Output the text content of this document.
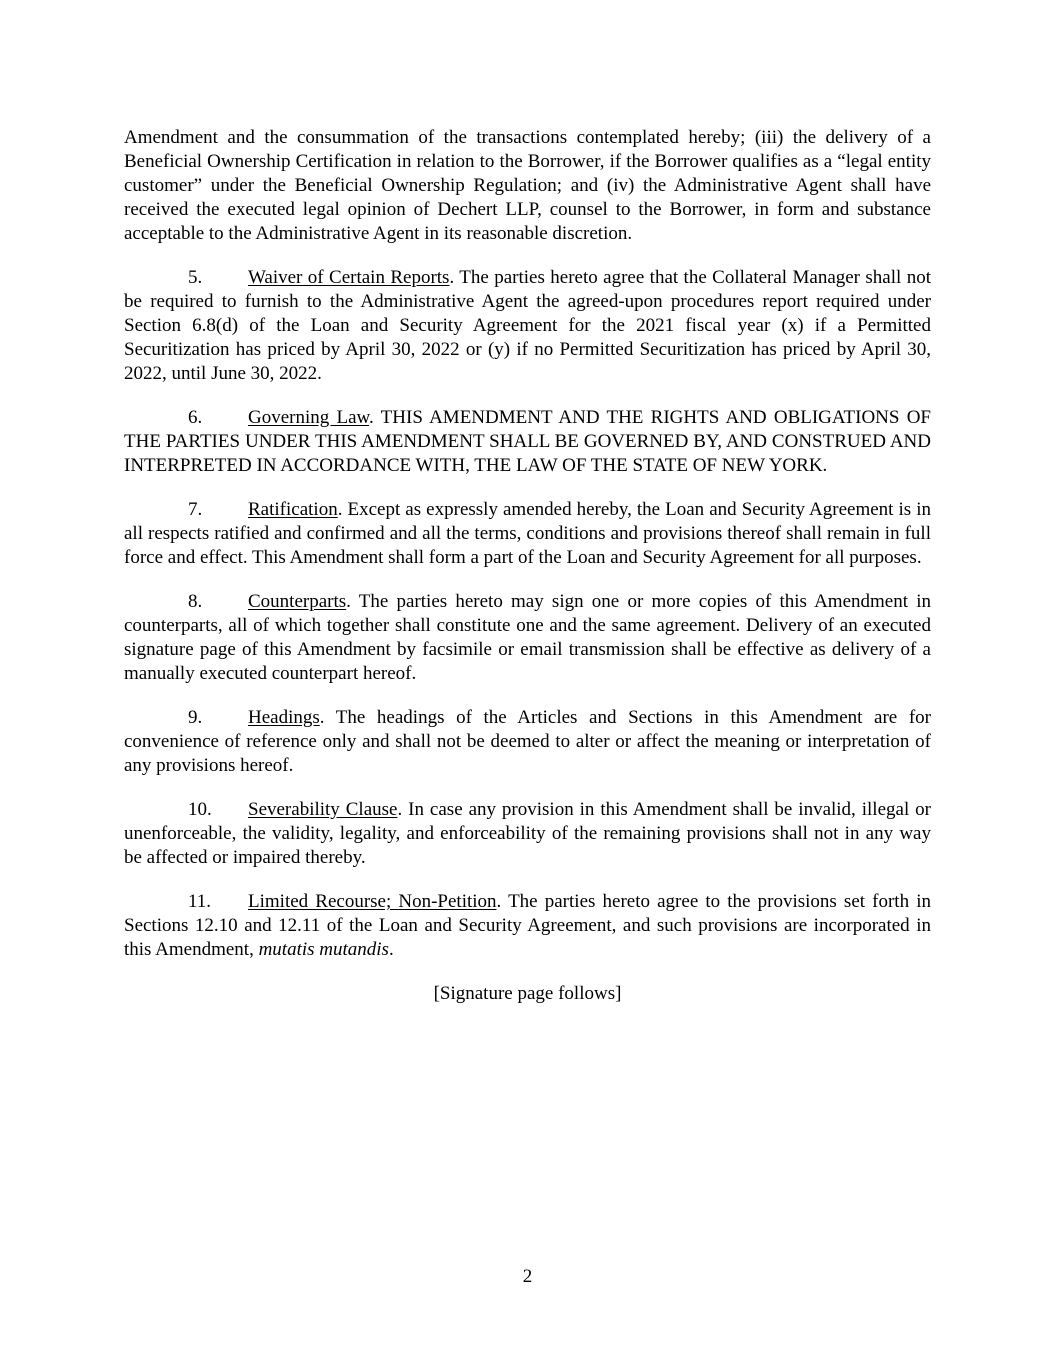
Amendment and the consummation of the transactions contemplated hereby; (iii) the delivery of a Beneficial Ownership Certification in relation to the Borrower, if the Borrower qualifies as a “legal entity customer” under the Beneficial Ownership Regulation; and (iv) the Administrative Agent shall have received the executed legal opinion of Dechert LLP, counsel to the Borrower, in form and substance acceptable to the Administrative Agent in its reasonable discretion.

5. Waiver of Certain Reports. The parties hereto agree that the Collateral Manager shall not be required to furnish to the Administrative Agent the agreed-upon procedures report required under Section 6.8(d) of the Loan and Security Agreement for the 2021 fiscal year (x) if a Permitted Securitization has priced by April 30, 2022 or (y) if no Permitted Securitization has priced by April 30, 2022, until June 30, 2022.

6. Governing Law. THIS AMENDMENT AND THE RIGHTS AND OBLIGATIONS OF THE PARTIES UNDER THIS AMENDMENT SHALL BE GOVERNED BY, AND CONSTRUED AND INTERPRETED IN ACCORDANCE WITH, THE LAW OF THE STATE OF NEW YORK.

7. Ratification. Except as expressly amended hereby, the Loan and Security Agreement is in all respects ratified and confirmed and all the terms, conditions and provisions thereof shall remain in full force and effect. This Amendment shall form a part of the Loan and Security Agreement for all purposes.

8. Counterparts. The parties hereto may sign one or more copies of this Amendment in counterparts, all of which together shall constitute one and the same agreement. Delivery of an executed signature page of this Amendment by facsimile or email transmission shall be effective as delivery of a manually executed counterpart hereof.

9. Headings. The headings of the Articles and Sections in this Amendment are for convenience of reference only and shall not be deemed to alter or affect the meaning or interpretation of any provisions hereof.

10. Severability Clause. In case any provision in this Amendment shall be invalid, illegal or unenforceable, the validity, legality, and enforceability of the remaining provisions shall not in any way be affected or impaired thereby.

11. Limited Recourse; Non-Petition. The parties hereto agree to the provisions set forth in Sections 12.10 and 12.11 of the Loan and Security Agreement, and such provisions are incorporated in this Amendment, mutatis mutandis.

[Signature page follows]

2
